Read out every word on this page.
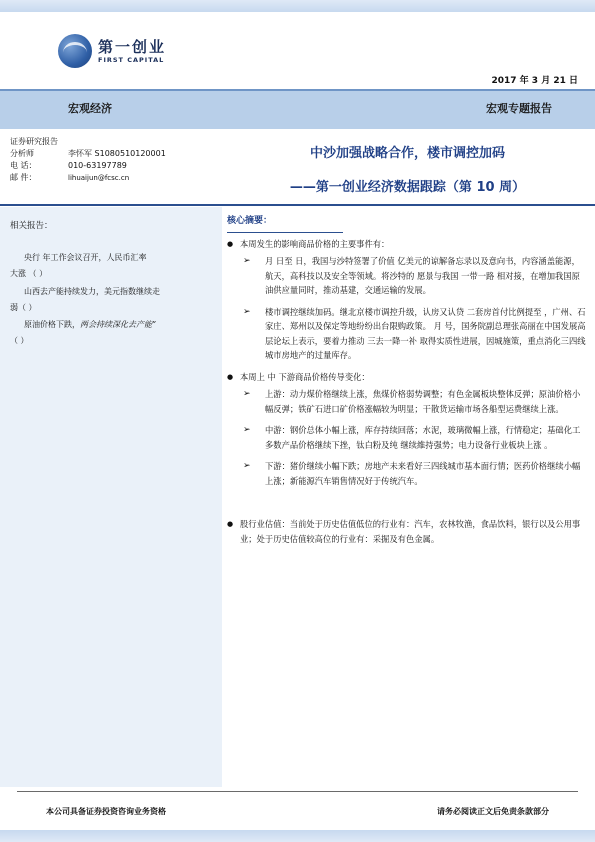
第一创业
FIRST CAPITAL
2017 年 3 月 21 日
宏观经济	宏观专题报告
证券研究报告
分析师	李怀军 S1080510120001
电 话：	010-63197789
邮 件：	lihuaijun@fcsc.cn
中沙加强战略合作，楼市调控加码
——第一创业经济数据跟踪（第 10 周）
相关报告：
央行 年工作会议召开，人民币汇率
大涨 （ ）
山西去产能持续发力，美元指数继续走
弱（ ）
原油价格下跌，两会持续深化去产能”
（ ）
核心摘要：
● 本周发生的影响商品价格的主要事件有：
➢	月 日至 日，我国与沙特签署了价值 亿美元的谅解备忘录以及意向书，内容涵盖能源，航天，高科技以及安全等领域。将沙特的 愿景与我国 一带一路 相对接，在增加我国原油供应量同时，推动基建，交通运输的发展。
➢	楼市调控继续加码。继北京楼市调控升级，认房又认贷 二套房首付比例提至 ，广州、石家庄、郑州以及保定等地纷纷出台限购政策。 月 号，国务院副总理张高丽在中国发展高层论坛上表示，要着力推动 三去一降一补 取得实质性进展，因城施策，重点消化三四线城市房地产的过量库存。
● 本周上 中 下游商品价格传导变化：
➢	上游：动力煤价格继续上涨，焦煤价格弱势调整；有色金属板块整体反弹；原油价格小幅反弹；铁矿石进口矿价格涨幅较为明显；干散货运输市场各船型运费继续上涨。
➢	中游：钢价总体小幅上涨，库存持续回落；水泥，玻璃微幅上涨，行情稳定；基础化工多数产品价格继续下挫，钛白粉及纯 继续維持强势；电力设备行业板块上涨 。
➢	下游：猪价继续小幅下跌；房地产未来看好三四线城市基本面行情；医药价格继续小幅上涨；新能源汽车销售情况好于传统汽车。
● 股行业估值：当前处于历史估值低位的行业有：汽车，农林牧渔，食品饮料，银行以及公用事业；处于历史估值较高位的行业有：采掘及有色金属。
本公司具备证券投资咨询业务资格	请务必阅读正文后免责条款部分
